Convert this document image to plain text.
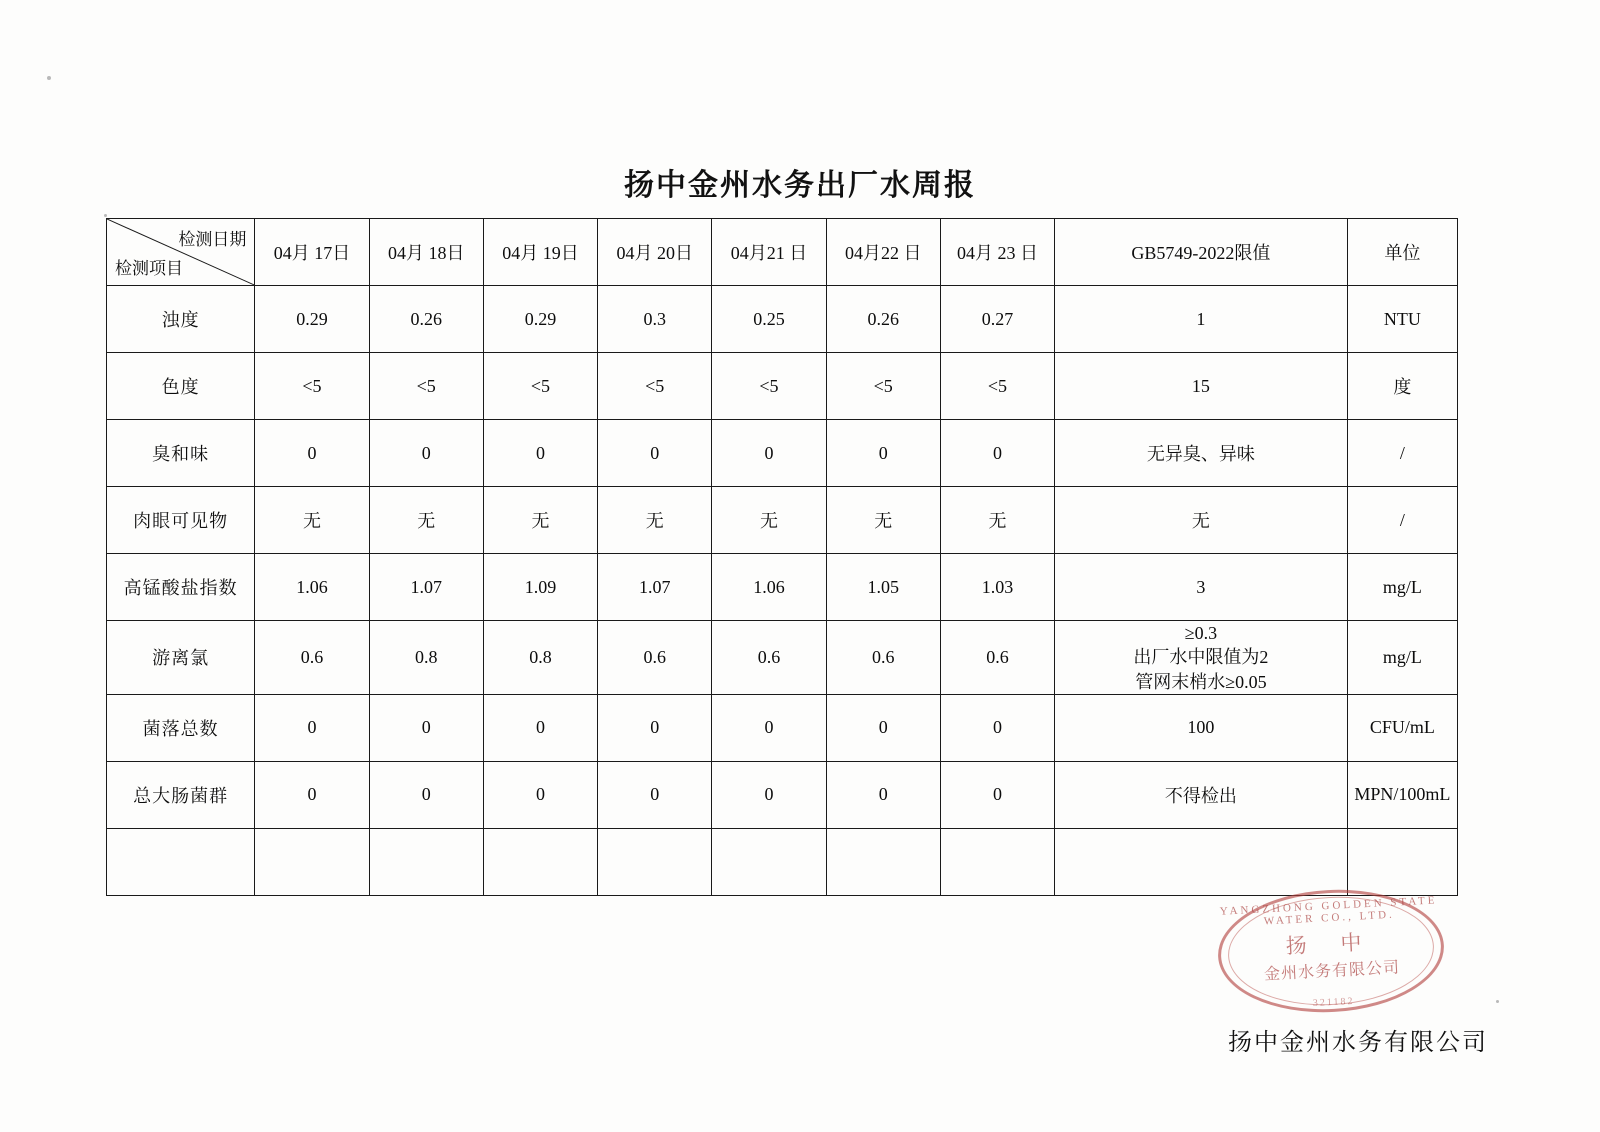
扬中金州水务出厂水周报
检测日期
检测项目	04月 17日	04月 18日	04月 19日	04月 20日	04月21 日	04月22 日	04月 23 日	GB5749-2022限值	单位
浊度	0.29	0.26	0.29	0.3	0.25	0.26	0.27	1	NTU
色度	<5	<5	<5	<5	<5	<5	<5	15	度
臭和味	0	0	0	0	0	0	0	无异臭、异味	/
肉眼可见物	无	无	无	无	无	无	无	无	/
高锰酸盐指数	1.06	1.07	1.09	1.07	1.06	1.05	1.03	3	mg/L
游离氯	0.6	0.8	0.8	0.6	0.6	0.6	0.6	≥0.3
出厂水中限值为2
管网末梢水≥0.05	mg/L
菌落总数	0	0	0	0	0	0	0	100	CFU/mL
总大肠菌群	0	0	0	0	0	0	0	不得检出	MPN/100mL

YANGZHONG GOLDEN STATE WATER CO., LTD.
扬 中
金州水务有限公司
321182
扬中金州水务有限公司
